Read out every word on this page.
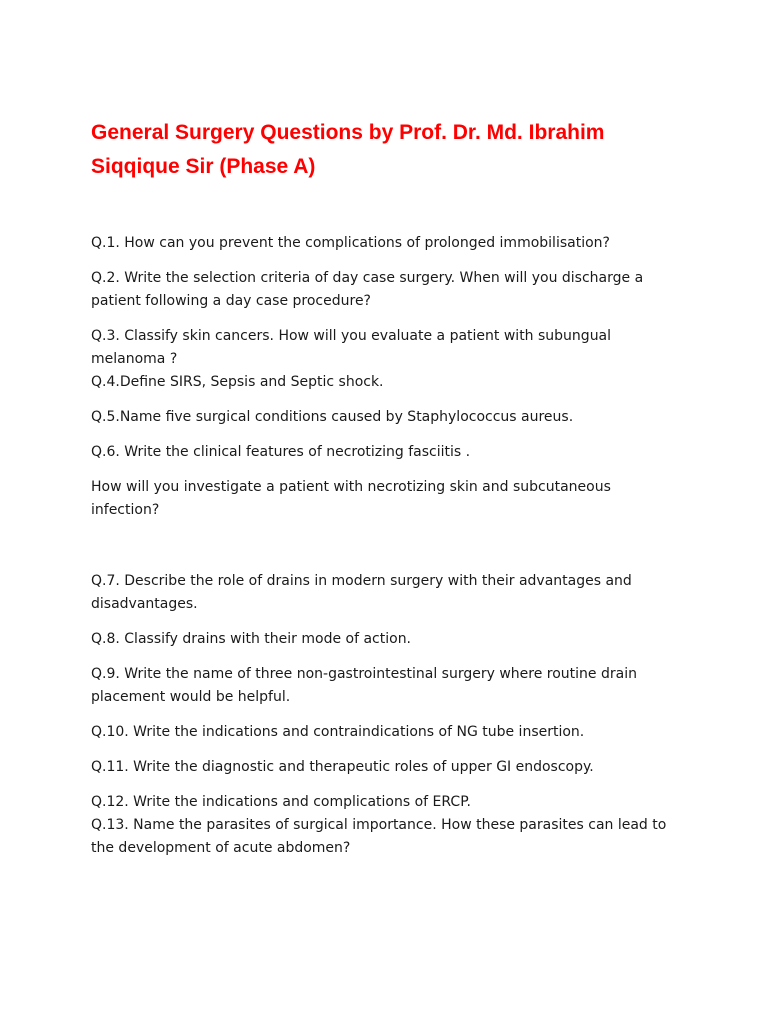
General Surgery Questions by Prof. Dr. Md. Ibrahim
Siqqique Sir (Phase A)

Q.1. How can you prevent the complications of prolonged immobilisation?

Q.2. Write the selection criteria of day case surgery. When will you discharge a
patient following a day case procedure?

Q.3. Classify skin cancers. How will you evaluate a patient with subungual
melanoma ?

Q.4.Define SIRS, Sepsis and Septic shock.

Q.5.Name five surgical conditions caused by Staphylococcus aureus.

Q.6. Write the clinical features of necrotizing fasciitis .

How will you investigate a patient with necrotizing skin and subcutaneous
infection?

Q.7. Describe the role of drains in modern surgery with their advantages and
disadvantages.

Q.8. Classify drains with their mode of action.

Q.9. Write the name of three non-gastrointestinal surgery where routine drain
placement would be helpful.

Q.10. Write the indications and contraindications of NG tube insertion.

Q.11. Write the diagnostic and therapeutic roles of upper GI endoscopy.

Q.12. Write the indications and complications of ERCP.

Q.13. Name the parasites of surgical importance. How these parasites can lead to
the development of acute abdomen?
